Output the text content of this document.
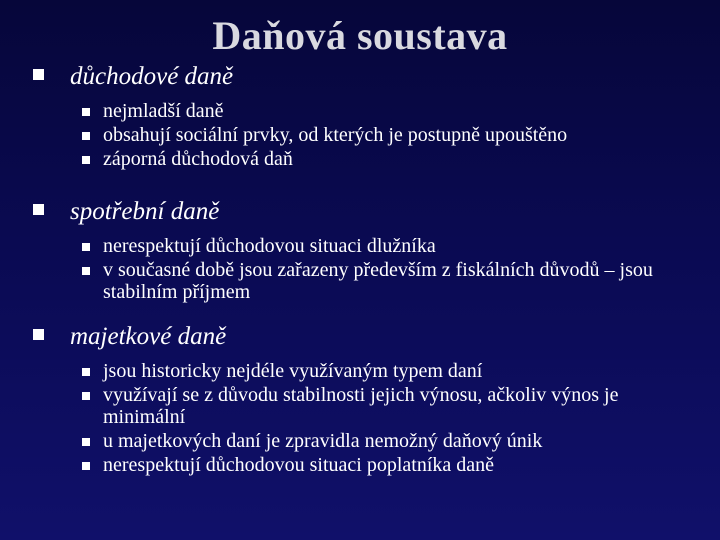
Daňová soustava
důchodové daně
nejmladší daně
obsahují sociální prvky, od kterých je postupně upouštěno
záporná důchodová daň
spotřební daně
nerespektují důchodovou situaci dlužníka
v současné době jsou zařazeny především z fiskálních důvodů – jsou stabilním příjmem
majetkové daně
jsou historicky nejdéle využívaným typem daní
využívají se z důvodu stabilnosti jejich výnosu, ačkoliv výnos je minimální
u majetkových daní je zpravidla nemožný daňový únik
nerespektují důchodovou situaci poplatníka daně
